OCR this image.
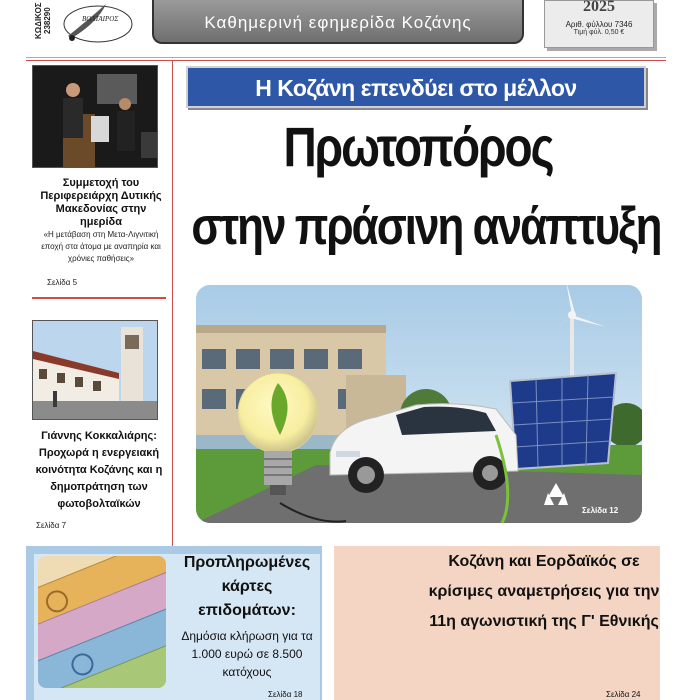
ΚΩΔΙΚΟΣ
238290	ΒΟΛΤΑΙΡΟΣ	Καθημερινή εφημερίδα Κοζάνης
2025
Αριθ. φύλλου 7346
Τιμή φύλ. 0,50 €
Συμμετοχή του Περιφερειάρχη Δυτικής Μακεδονίας στην ημερίδα
«Η μετάβαση στη Μετα-Λιγνιτική εποχή στα άτομα με αναπηρία και χρόνιες παθήσεις»
Σελίδα 5
Γιάννης Κοκκαλιάρης: Προχωρά η ενεργειακή κοινότητα Κοζάνης και η δημοπράτηση των φωτοβολταϊκών
Σελίδα 7
Η Κοζάνη επενδύει στο μέλλον
Πρωτοπόρος
στην πράσινη ανάπτυξη
Σελίδα 12
Προπληρωμένες κάρτες επιδομάτων:
Δημόσια κλήρωση για τα 1.000 ευρώ σε 8.500 κατόχους
Σελίδα 18
Κοζάνη και Εορδαϊκός σε κρίσιμες αναμετρήσεις για την 11η αγωνιστική της Γ' Εθνικής
Σελίδα 24
